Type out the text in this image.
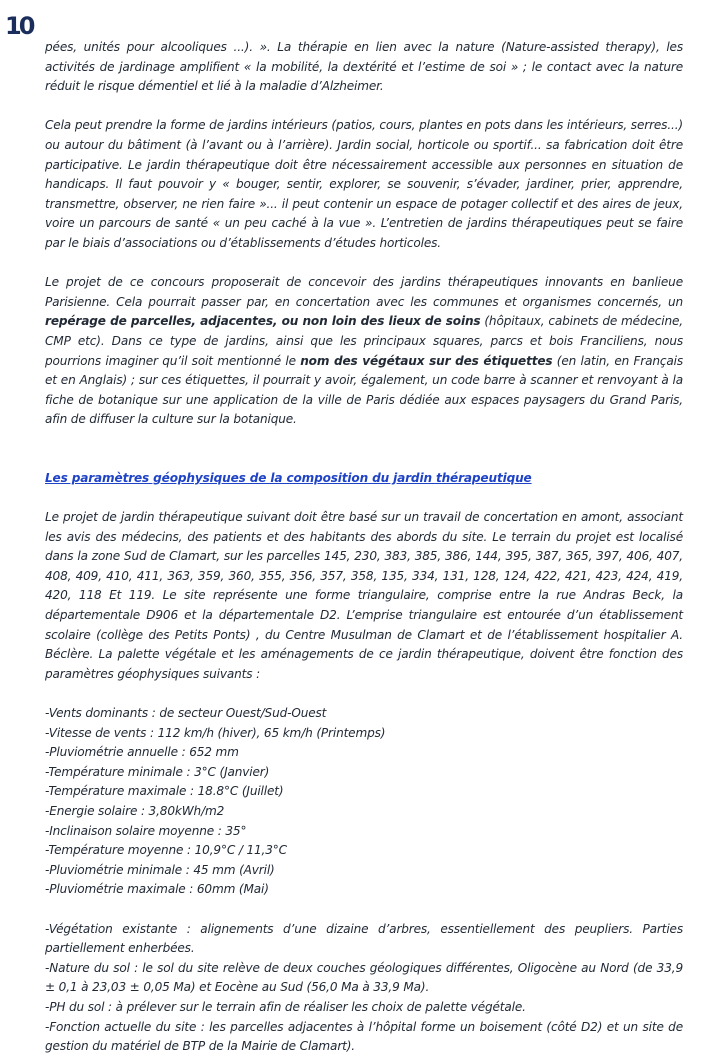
10

pées, unités pour alcooliques ...). ». La thérapie en lien avec la nature (Nature-assisted therapy), les activités de jardinage amplifient « la mobilité, la dextérité et l’estime de soi » ; le contact avec la nature réduit le risque démentiel et lié à la maladie d’Alzheimer.

Cela peut prendre la forme de jardins intérieurs (patios, cours, plantes en pots dans les intérieurs, serres...) ou autour du bâtiment (à l’avant ou à l’arrière). Jardin social, horticole ou sportif... sa fabrication doit être participative. Le jardin thérapeutique doit être nécessairement accessible aux personnes en situation de handicaps. Il faut pouvoir y « bouger, sentir, explorer, se souvenir, s’évader, jardiner, prier, apprendre, transmettre, observer, ne rien faire »... il peut contenir un espace de potager collectif et des aires de jeux, voire un parcours de santé « un peu caché à la vue ». L’entretien de jardins thérapeutiques peut se faire par le biais d’associations ou d’établissements d’études horticoles.

Le projet de ce concours proposerait de concevoir des jardins thérapeutiques innovants en banlieue Parisienne. Cela pourrait passer par, en concertation avec les communes et organismes concernés, un repérage de parcelles, adjacentes, ou non loin des lieux de soins (hôpitaux, cabinets de médecine, CMP etc). Dans ce type de jardins, ainsi que les principaux squares, parcs et bois Franciliens, nous pourrions imaginer qu’il soit mentionné le nom des végétaux sur des étiquettes (en latin, en Français et en Anglais) ; sur ces étiquettes, il pourrait y avoir, également, un code barre à scanner et renvoyant à la fiche de botanique sur une application de la ville de Paris dédiée aux espaces paysagers du Grand Paris, afin de diffuser la culture sur la botanique.

Les paramètres géophysiques de la composition du jardin thérapeutique

Le projet de jardin thérapeutique suivant doit être basé sur un travail de concertation en amont, associant les avis des médecins, des patients et des habitants des abords du site. Le terrain du projet est localisé dans la zone Sud de Clamart, sur les parcelles 145, 230, 383, 385, 386, 144, 395, 387, 365, 397, 406, 407, 408, 409, 410, 411, 363, 359, 360, 355, 356, 357, 358, 135, 334, 131, 128, 124, 422, 421, 423, 424, 419, 420, 118 Et 119. Le site représente une forme triangulaire, comprise entre la rue Andras Beck, la départementale D906 et la départementale D2. L’emprise triangulaire est entourée d’un établissement scolaire (collège des Petits Ponts) , du Centre Musulman de Clamart et de l’établissement hospitalier A. Béclère. La palette végétale et les aménagements de ce jardin thérapeutique, doivent être fonction des paramètres géophysiques suivants :

-Vents dominants : de secteur Ouest/Sud-Ouest
-Vitesse de vents : 112 km/h (hiver), 65 km/h (Printemps)
-Pluviométrie annuelle : 652 mm
-Température minimale : 3°C (Janvier)
-Température maximale : 18.8°C (Juillet)
-Energie solaire : 3,80kWh/m2
-Inclinaison solaire moyenne : 35°
-Température moyenne : 10,9°C / 11,3°C
-Pluviométrie minimale : 45 mm (Avril)
-Pluviométrie maximale : 60mm (Mai)
-Végétation existante : alignements d’une dizaine d’arbres, essentiellement des peupliers. Parties partiellement enherbées.
-Nature du sol : le sol du site relève de deux couches géologiques différentes, Oligocène au Nord (de 33,9 ± 0,1 à 23,03 ± 0,05 Ma) et Eocène au Sud (56,0 Ma à 33,9 Ma).
-PH du sol : à prélever sur le terrain afin de réaliser les choix de palette végétale.
-Fonction actuelle du site : les parcelles adjacentes à l’hôpital forme un boisement (côté D2) et un site de gestion du matériel de BTP de la Mairie de Clamart).
